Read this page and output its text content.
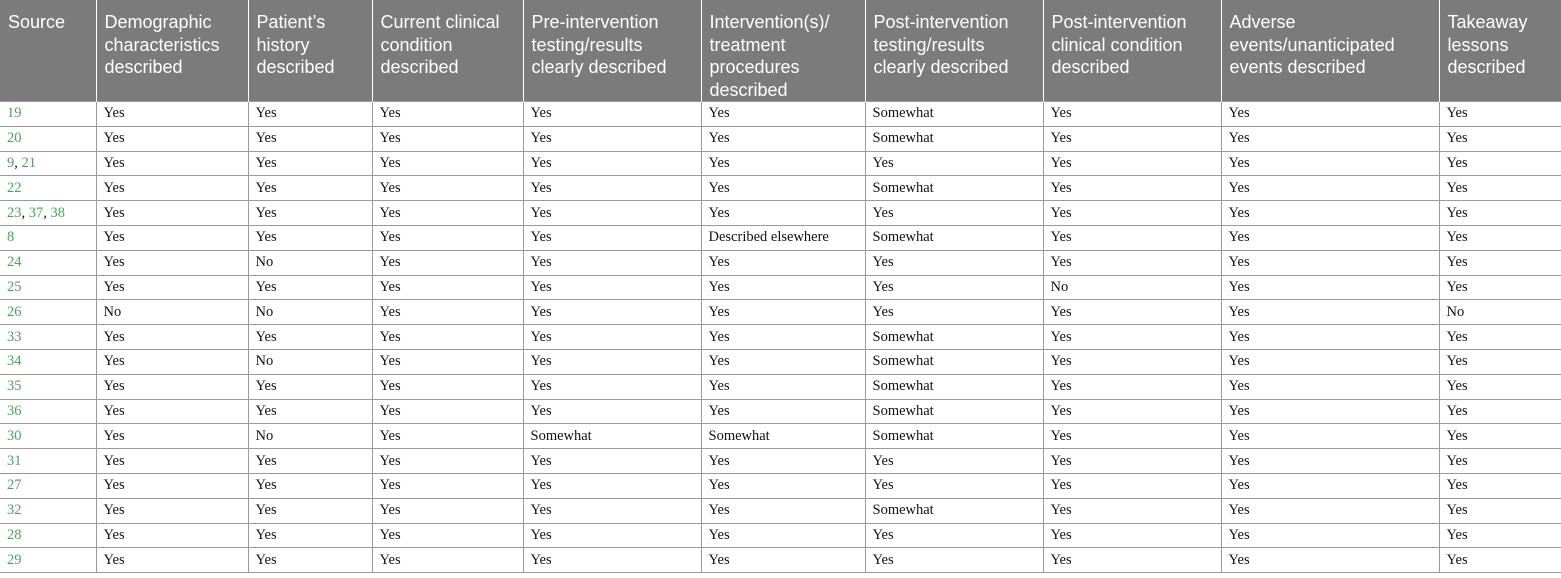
Source	Demographic characteristics described	Patient’s history described	Current clinical condition described	Pre-intervention testing/results clearly described	Intervention(s)/ treatment procedures described	Post-intervention testing/results clearly described	Post-intervention clinical condition described	Adverse events/unanticipated events described	Takeaway lessons described
19	Yes	Yes	Yes	Yes	Yes	Somewhat	Yes	Yes	Yes
20	Yes	Yes	Yes	Yes	Yes	Somewhat	Yes	Yes	Yes
9, 21	Yes	Yes	Yes	Yes	Yes	Yes	Yes	Yes	Yes
22	Yes	Yes	Yes	Yes	Yes	Somewhat	Yes	Yes	Yes
23, 37, 38	Yes	Yes	Yes	Yes	Yes	Yes	Yes	Yes	Yes
8	Yes	Yes	Yes	Yes	Described elsewhere	Somewhat	Yes	Yes	Yes
24	Yes	No	Yes	Yes	Yes	Yes	Yes	Yes	Yes
25	Yes	Yes	Yes	Yes	Yes	Yes	No	Yes	Yes
26	No	No	Yes	Yes	Yes	Yes	Yes	Yes	No
33	Yes	Yes	Yes	Yes	Yes	Somewhat	Yes	Yes	Yes
34	Yes	No	Yes	Yes	Yes	Somewhat	Yes	Yes	Yes
35	Yes	Yes	Yes	Yes	Yes	Somewhat	Yes	Yes	Yes
36	Yes	Yes	Yes	Yes	Yes	Somewhat	Yes	Yes	Yes
30	Yes	No	Yes	Somewhat	Somewhat	Somewhat	Yes	Yes	Yes
31	Yes	Yes	Yes	Yes	Yes	Yes	Yes	Yes	Yes
27	Yes	Yes	Yes	Yes	Yes	Yes	Yes	Yes	Yes
32	Yes	Yes	Yes	Yes	Yes	Somewhat	Yes	Yes	Yes
28	Yes	Yes	Yes	Yes	Yes	Yes	Yes	Yes	Yes
29	Yes	Yes	Yes	Yes	Yes	Yes	Yes	Yes	Yes
